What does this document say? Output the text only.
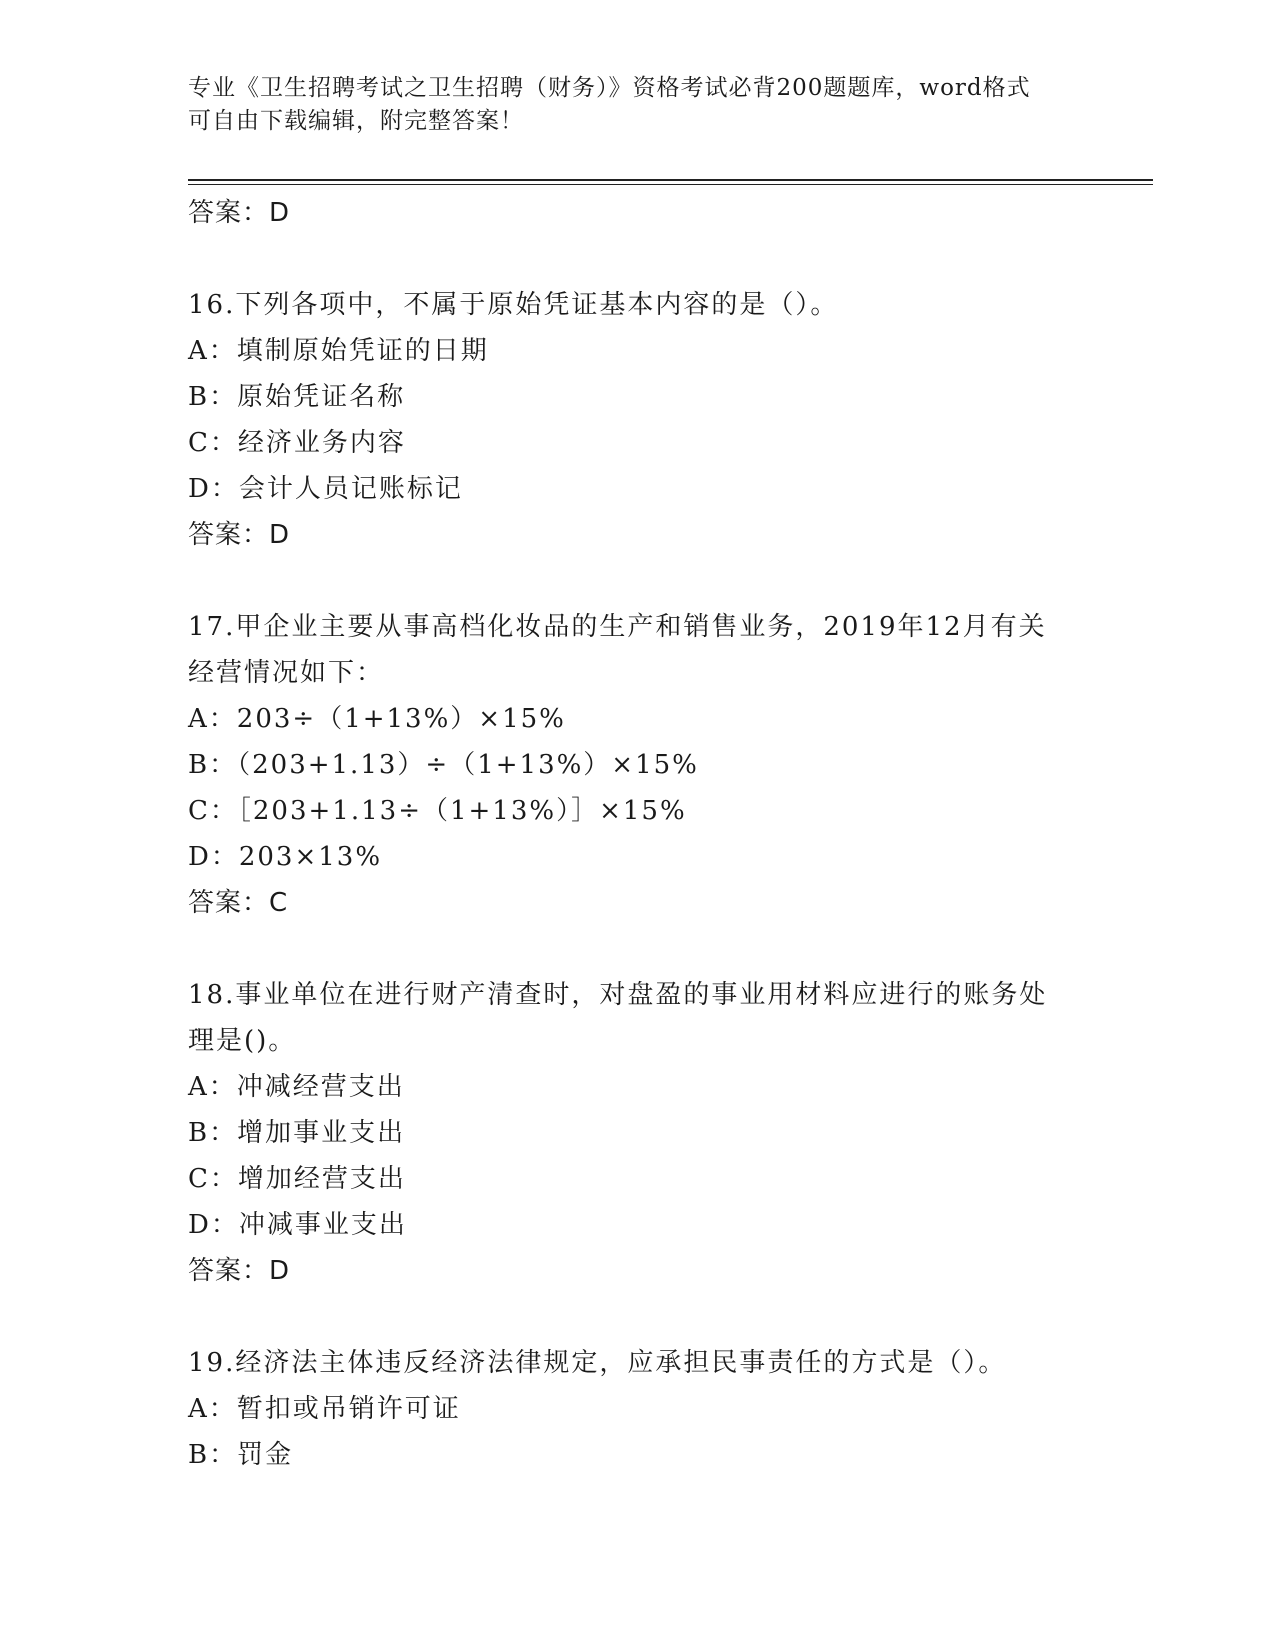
专业《卫生招聘考试之卫生招聘（财务）》资格考试必背200题题库，word格式
可自由下载编辑，附完整答案！
答案：D
16.下列各项中，不属于原始凭证基本内容的是（）。
A：填制原始凭证的日期
B：原始凭证名称
C：经济业务内容
D：会计人员记账标记
答案：D
17.甲企业主要从事高档化妆品的生产和销售业务，2019年12月有关
经营情况如下：
A：203÷（1+13%）×15%
B：（203+1.13）÷（1+13%）×15%
C：［203+1.13÷（1+13%）］×15%
D：203×13%
答案：C
18.事业单位在进行财产清查时，对盘盈的事业用材料应进行的账务处
理是()。
A：冲减经营支出
B：增加事业支出
C：增加经营支出
D：冲减事业支出
答案：D
19.经济法主体违反经济法律规定，应承担民事责任的方式是（）。
A：暂扣或吊销许可证
B：罚金
